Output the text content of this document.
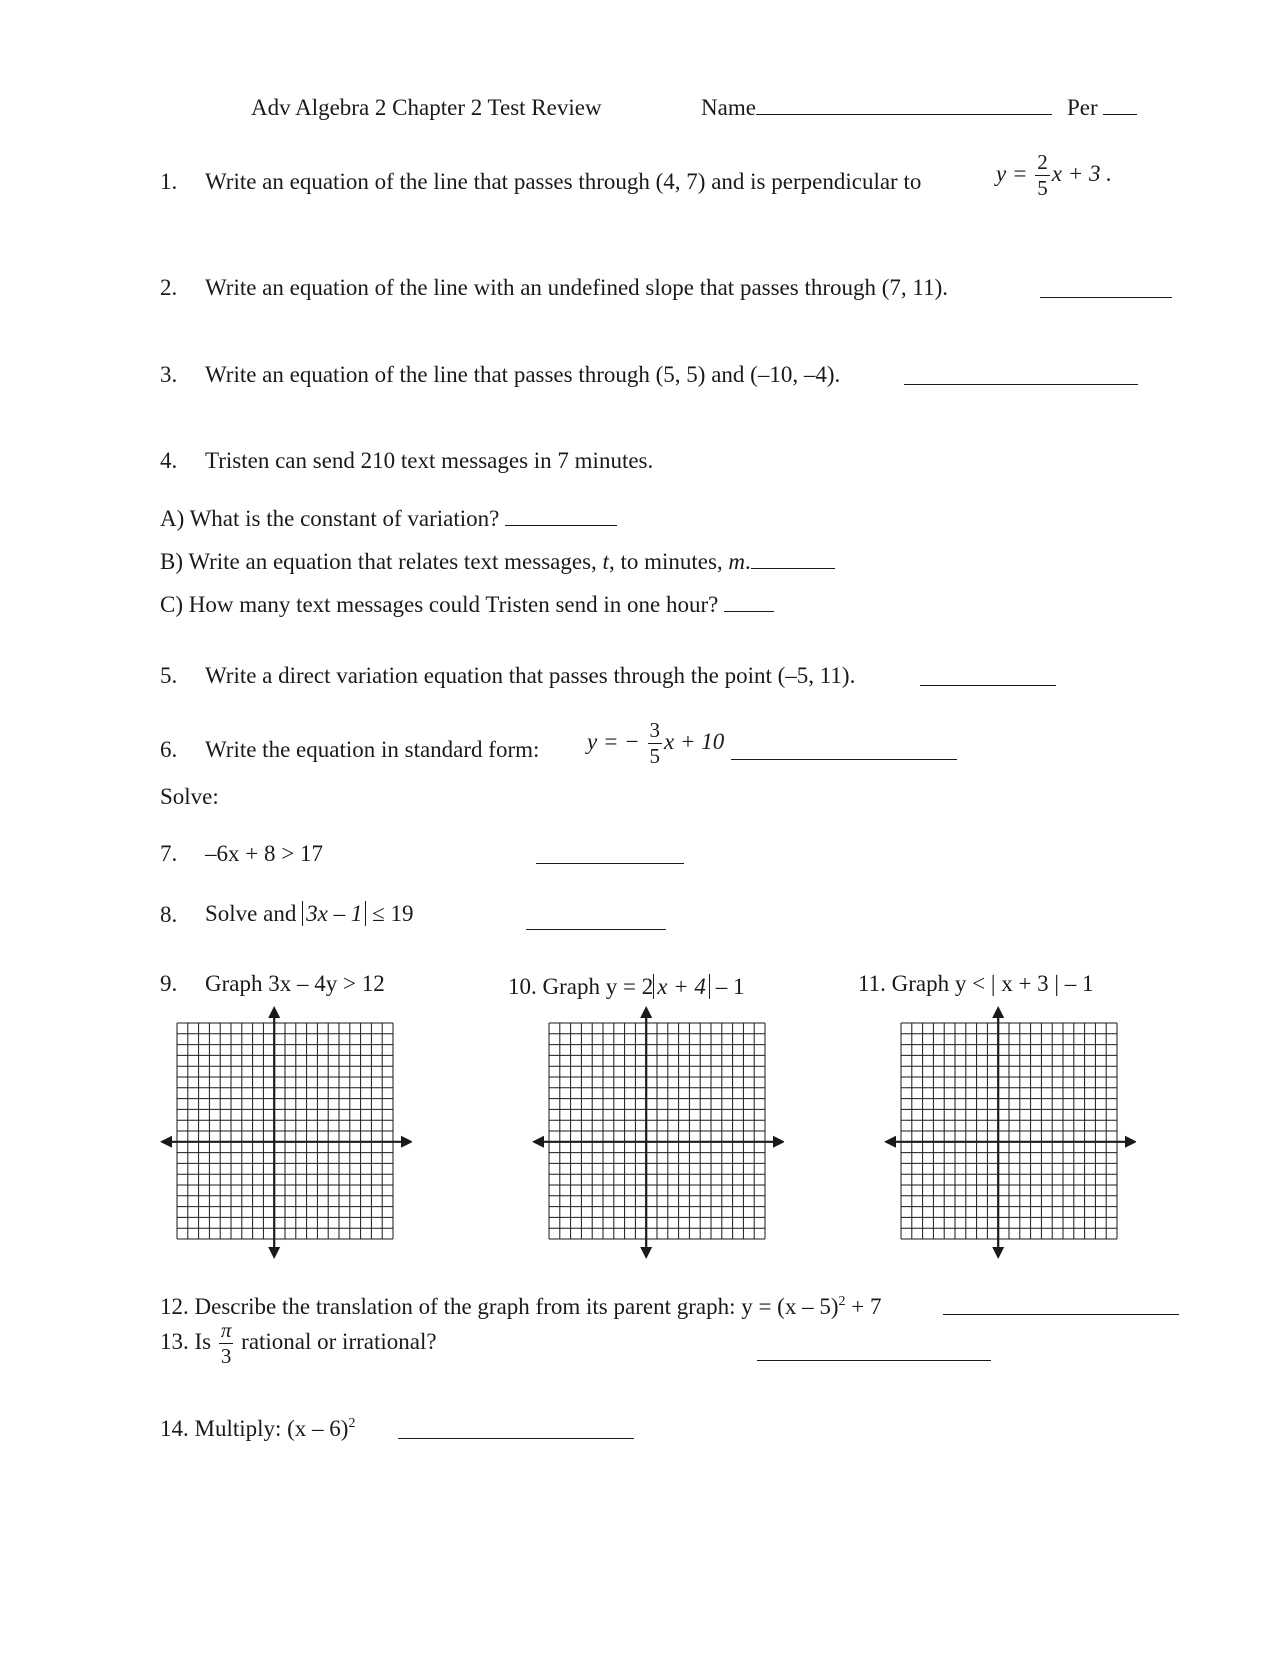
Adv Algebra 2 Chapter 2 Test Review	Name	Per
1. Write an equation of the line that passes through (4, 7) and is perpendicular to	$y = \frac{2}{5}$ x + 3 .
2. Write an equation of the line with an undefined slope that passes through (7, 11).
3. Write an equation of the line that passes through (5, 5) and (–10, –4).
4. Tristen can send 210 text messages in 7 minutes.
A) What is the constant of variation?
B) Write an equation that relates text messages, t, to minutes, m.
C) How many text messages could Tristen send in one hour?
5. Write a direct variation equation that passes through the point (–5, 11).
6. Write the equation in standard form: y = − $\frac{3}{5}$ x + 10
Solve:
7. –6x + 8 > 17
8. Solve and 3x – 1 ≤ 19
9. Graph 3x – 4y > 12	10. Graph y = 2 x + 4 – 1	11. Graph y < | x + 3 | – 1
12. Describe the translation of the graph from its parent graph: y = (x – 5)$^2$ + 7
13. Is $\frac{\pi}{3}$ rational or irrational?
14. Multiply: (x – 6)$^2$
